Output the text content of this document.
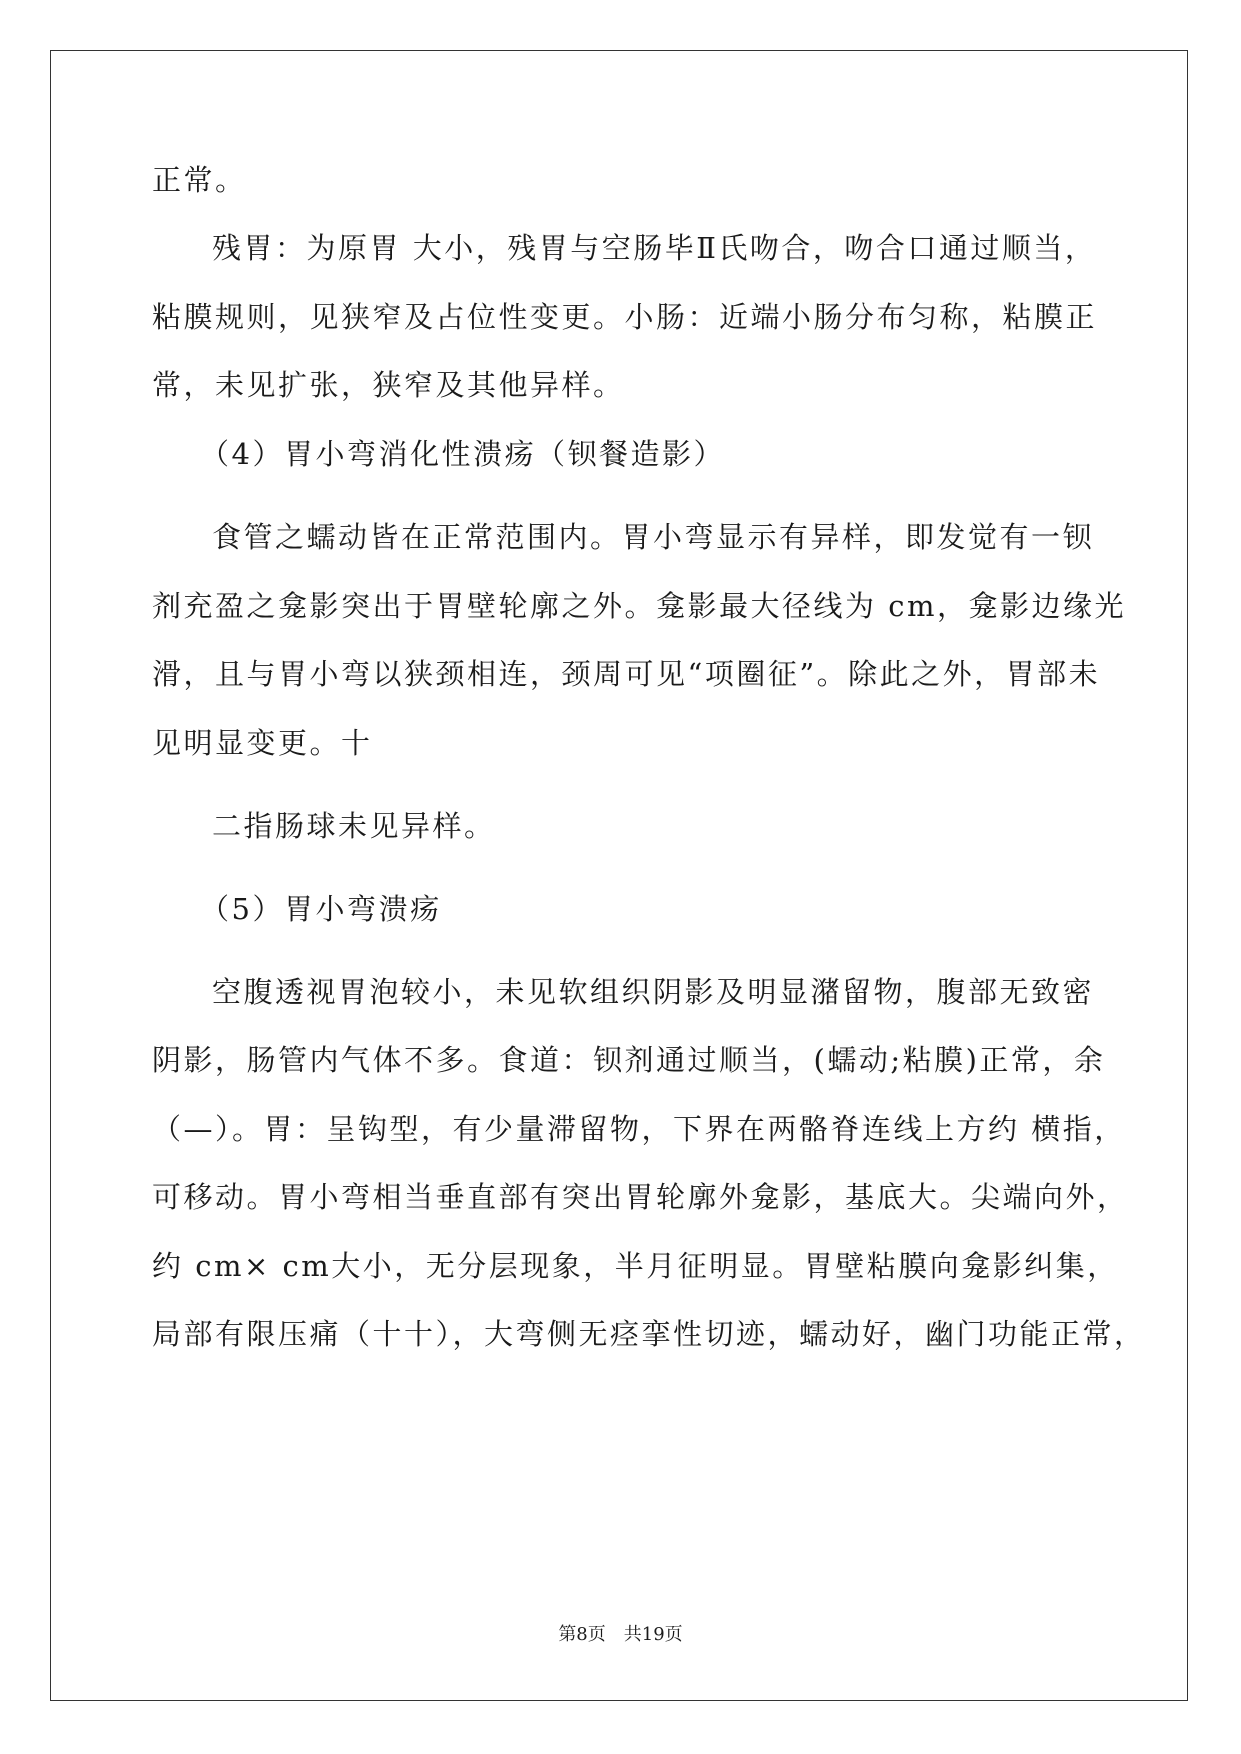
正常。
残胃：为原胃 大小，残胃与空肠毕Ⅱ氏吻合，吻合口通过顺当，
粘膜规则，见狭窄及占位性变更。小肠：近端小肠分布匀称，粘膜正
常，未见扩张，狭窄及其他异样。
（4）胃小弯消化性溃疡（钡餐造影）
食管之蠕动皆在正常范围内。胃小弯显示有异样，即发觉有一钡
剂充盈之龛影突出于胃壁轮廓之外。龛影最大径线为 cm，龛影边缘光
滑，且与胃小弯以狭颈相连，颈周可见“项圈征”。除此之外，胃部未
见明显变更。十
二指肠球未见异样。
（5）胃小弯溃疡
空腹透视胃泡较小，未见软组织阴影及明显潴留物，腹部无致密
阴影，肠管内气体不多。食道：钡剂通过顺当，(蠕动;粘膜)正常，余
（—）。胃：呈钩型，有少量滞留物，下界在两骼脊连线上方约 横指，
可移动。胃小弯相当垂直部有突出胃轮廓外龛影，基底大。尖端向外，
约 cm× cm大小，无分层现象，半月征明显。胃壁粘膜向龛影纠集，
局部有限压痛（十十），大弯侧无痉挛性切迹，蠕动好，幽门功能正常，
第8页　共19页
